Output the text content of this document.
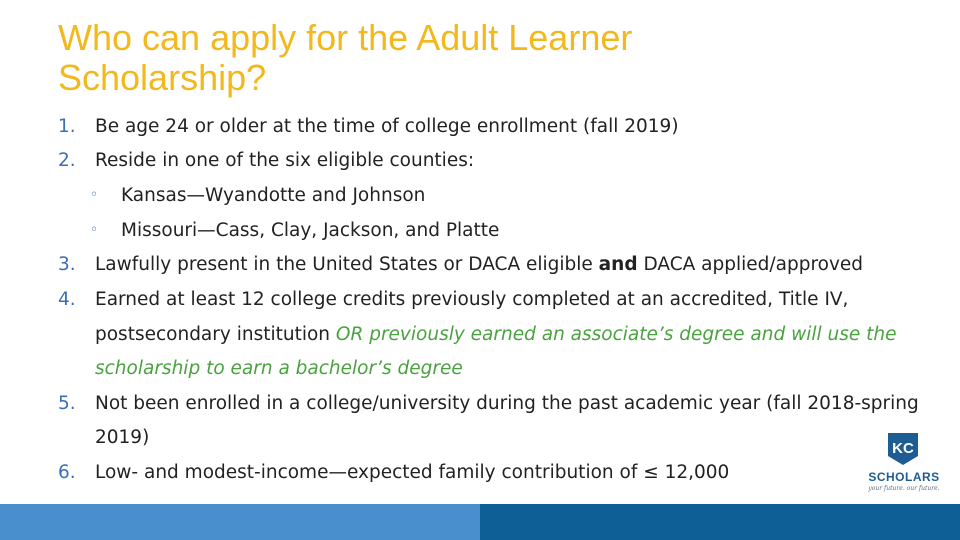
Who can apply for the Adult Learner
Scholarship?
1. Be age 24 or older at the time of college enrollment (fall 2019)
2. Reside in one of the six eligible counties:
◦ Kansas—Wyandotte and Johnson
◦ Missouri—Cass, Clay, Jackson, and Platte
3. Lawfully present in the United States or DACA eligible and DACA applied/approved
4. Earned at least 12 college credits previously completed at an accredited, Title IV,
postsecondary institution OR previously earned an associate’s degree and will use the
scholarship to earn a bachelor’s degree
5. Not been enrolled in a college/university during the past academic year (fall 2018-spring
2019)
6. Low- and modest-income—expected family contribution of ≤ 12,000
KC
SCHOLARS
your future. our future.
